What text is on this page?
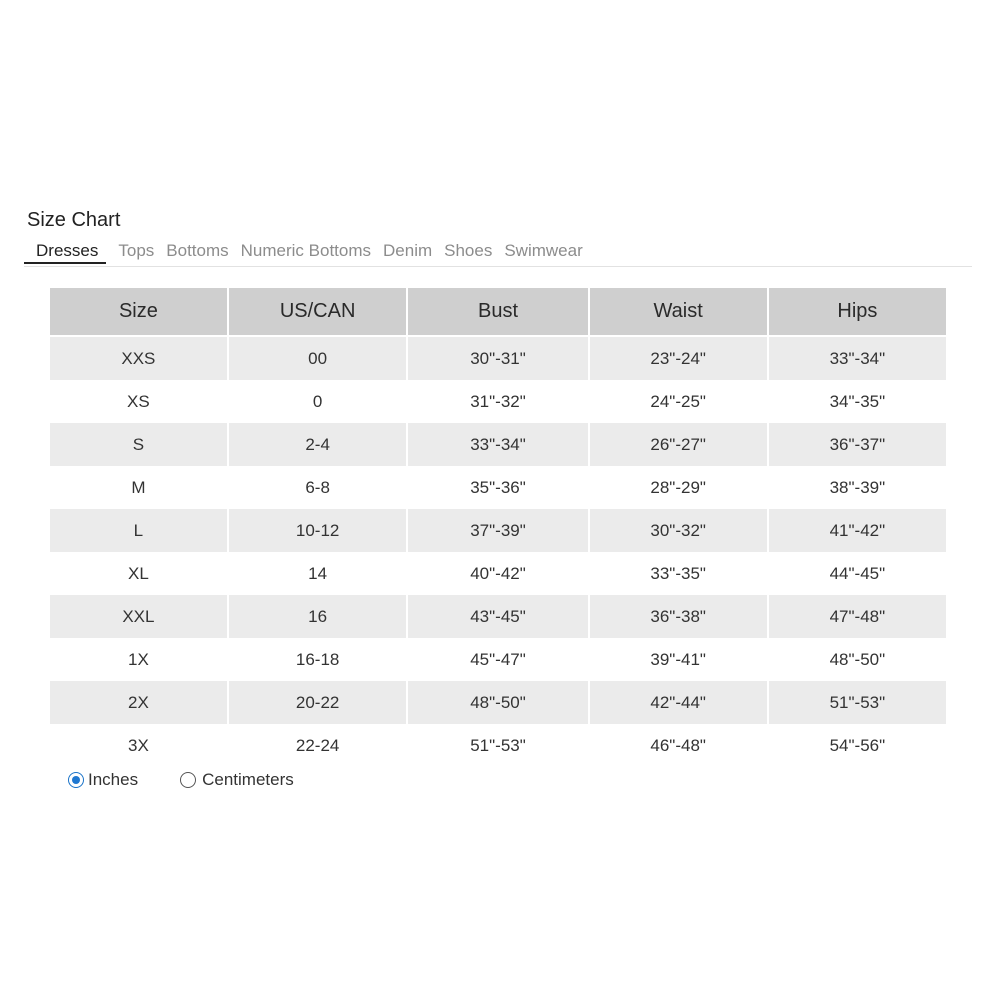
Size Chart
Dresses	Tops Bottoms Numeric Bottoms Denim Shoes Swimwear
Size	US/CAN	Bust	Waist	Hips
XXS	00	30"-31"	23"-24"	33"-34"
XS	0	31"-32"	24"-25"	34"-35"
S	2-4	33"-34"	26"-27"	36"-37"
M	6-8	35"-36"	28"-29"	38"-39"
L	10-12	37"-39"	30"-32"	41"-42"
XL	14	40"-42"	33"-35"	44"-45"
XXL	16	43"-45"	36"-38"	47"-48"
1X	16-18	45"-47"	39"-41"	48"-50"
2X	20-22	48"-50"	42"-44"	51"-53"
3X	22-24	51"-53"	46"-48"	54"-56"
Inches	Centimeters
